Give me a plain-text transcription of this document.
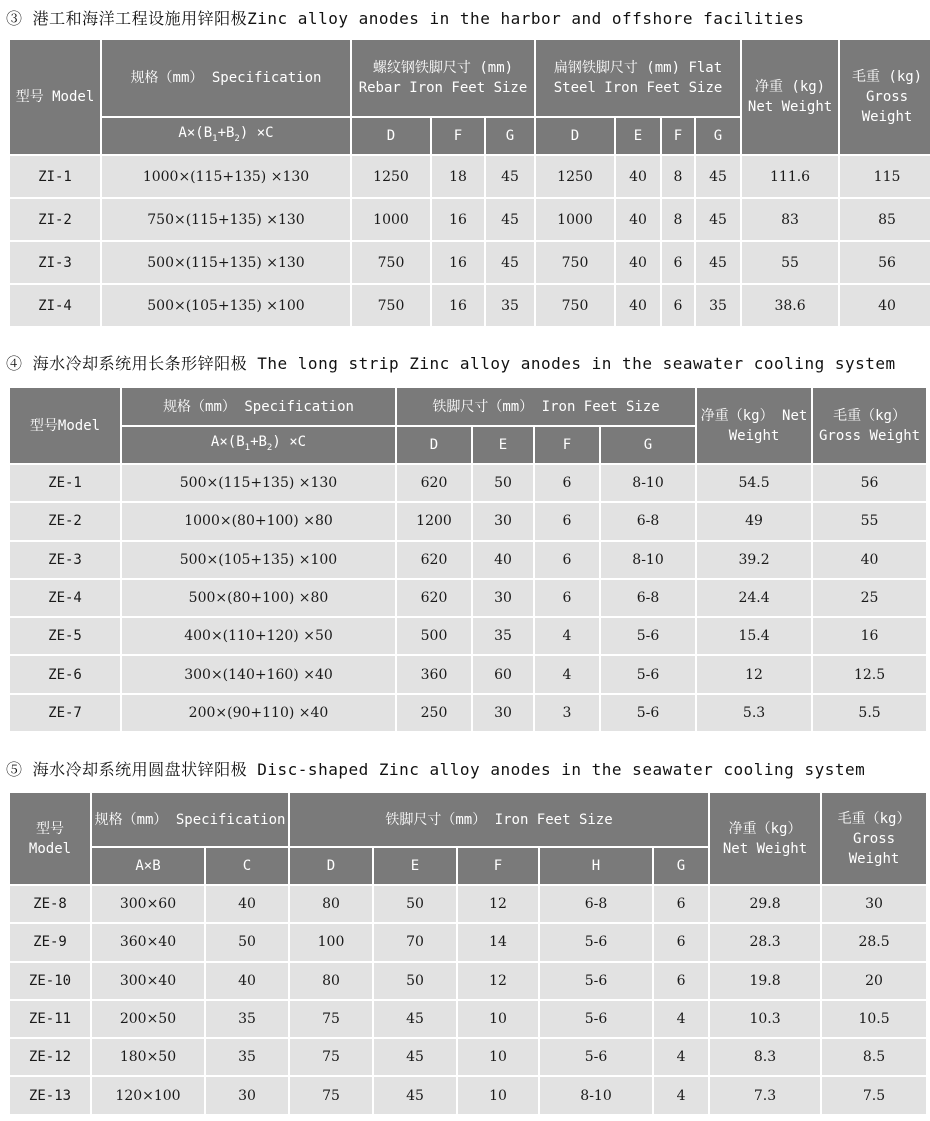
③ 港工和海洋工程设施用锌阳极Zinc alloy anodes in the harbor and offshore facilities
型号 Model	规格（mm） Specification	螺纹钢铁脚尺寸 (mm) Rebar Iron Feet Size			扁钢铁脚尺寸 (mm) Flat Steel Iron Feet Size				净重 (kg) Net Weight	毛重 (kg) Gross Weight
	$A\times(B_1+B_2) \times C$	D	F	G	D	E	F	G		
ZI-1	1000×(115+135) ×130	1250	18	45	1250	40	8	45	111.6	115
ZI-2	750×(115+135) ×130	1000	16	45	1000	40	8	45	83	85
ZI-3	500×(115+135) ×130	750	16	45	750	40	6	45	55	56
ZI-4	500×(105+135) ×100	750	16	35	750	40	6	35	38.6	40
④ 海水冷却系统用长条形锌阳极 The long strip Zinc alloy anodes in the seawater cooling system
型号Model	规格（mm） Specification	铁脚尺寸（mm） Iron Feet Size				净重（kg） Net Weight	毛重（kg） Gross Weight
	$A\times(B_1+B_2) \times C$	D	E	F	G		
ZE-1	500×(115+135) ×130	620	50	6	8-10	54.5	56
ZE-2	1000×(80+100) ×80	1200	30	6	6-8	49	55
ZE-3	500×(105+135) ×100	620	40	6	8-10	39.2	40
ZE-4	500×(80+100) ×80	620	30	6	6-8	24.4	25
ZE-5	400×(110+120) ×50	500	35	4	5-6	15.4	16
ZE-6	300×(140+160) ×40	360	60	4	5-6	12	12.5
ZE-7	200×(90+110) ×40	250	30	3	5-6	5.3	5.5
⑤ 海水冷却系统用圆盘状锌阳极 Disc-shaped Zinc alloy anodes in the seawater cooling system
型号 Model	规格（mm） Specification		铁脚尺寸（mm） Iron Feet Size					净重（kg） Net Weight	毛重（kg） Gross Weight
	A×B	C	D	E	F	H	G		
ZE-8	300×60	40	80	50	12	6-8	6	29.8	30
ZE-9	360×40	50	100	70	14	5-6	6	28.3	28.5
ZE-10	300×40	40	80	50	12	5-6	6	19.8	20
ZE-11	200×50	35	75	45	10	5-6	4	10.3	10.5
ZE-12	180×50	35	75	45	10	5-6	4	8.3	8.5
ZE-13	120×100	30	75	45	10	8-10	4	7.3	7.5
